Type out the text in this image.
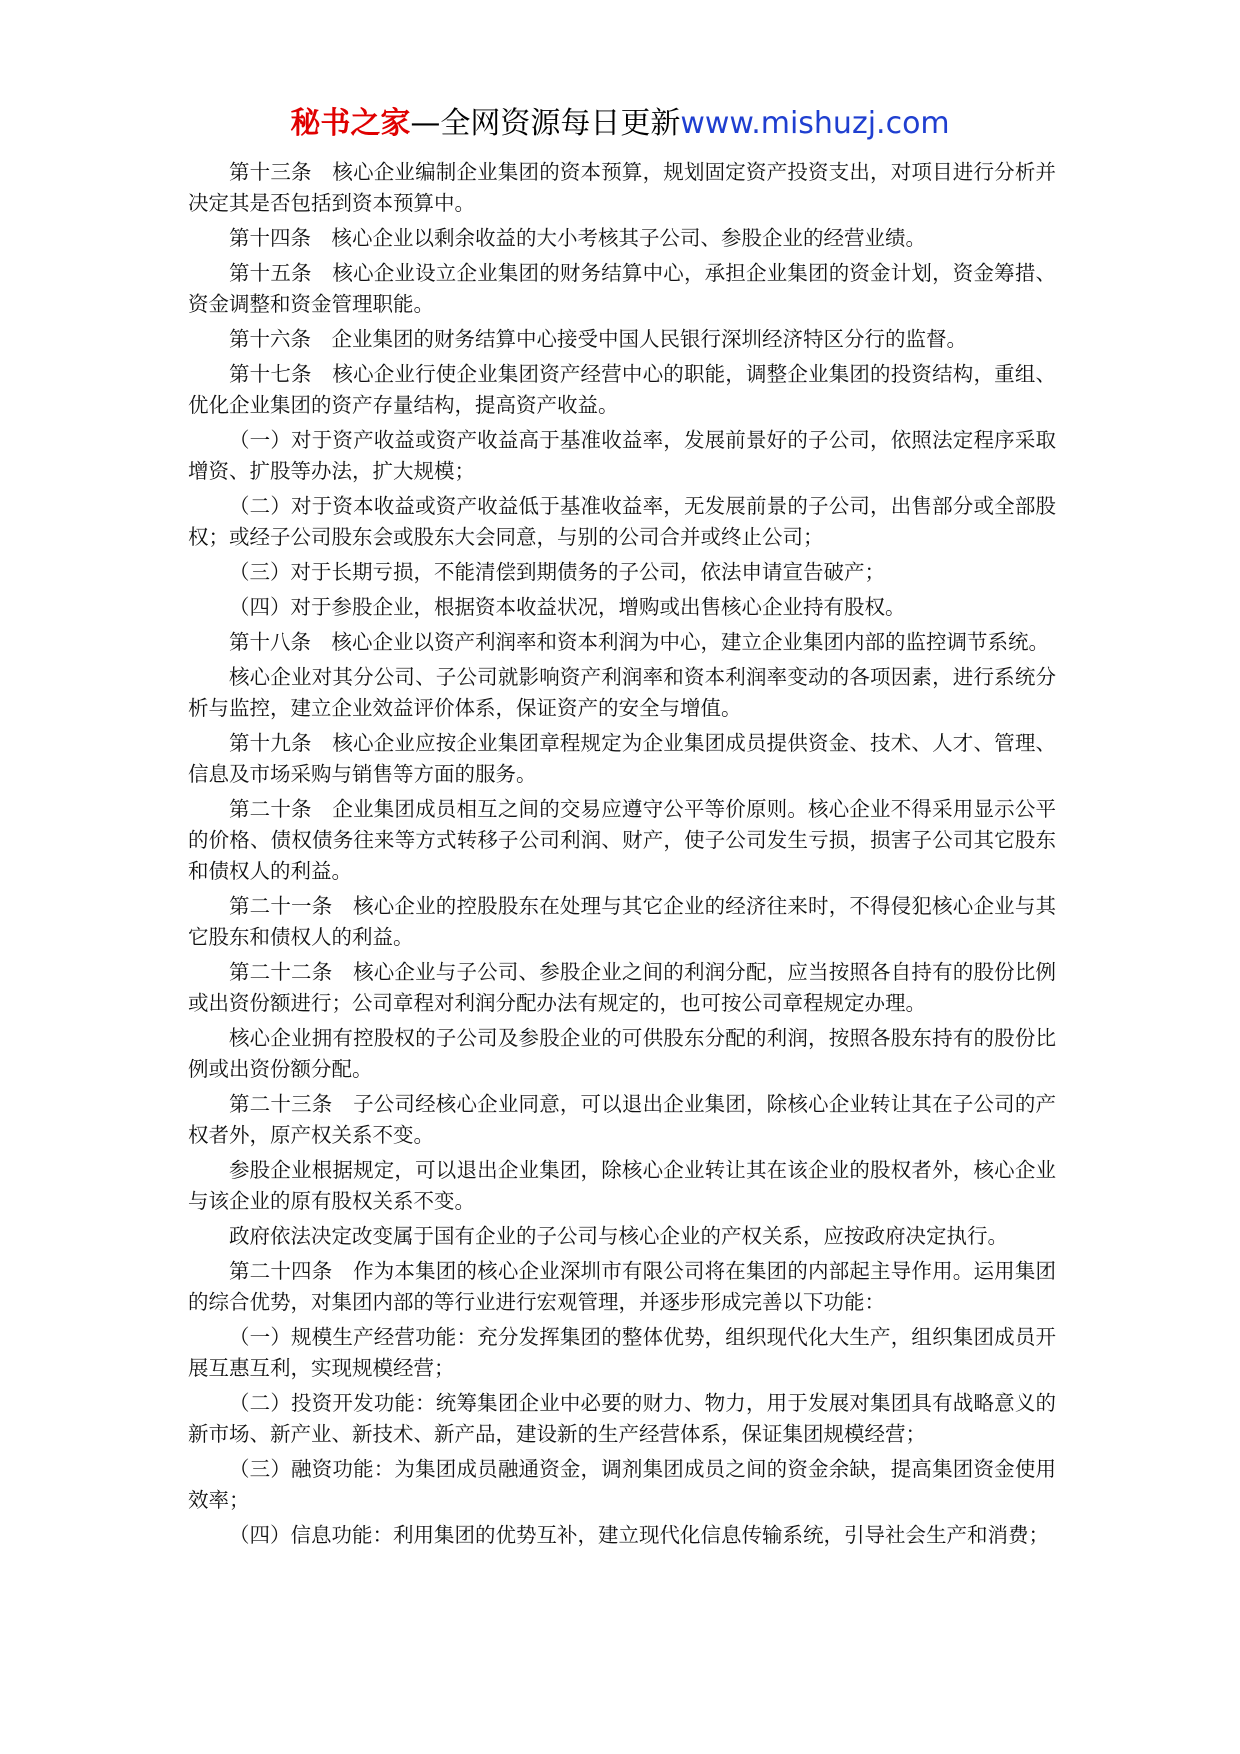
秘书之家—全网资源每日更新www.mishuzj.com

第十三条　核心企业编制企业集团的资本预算，规划固定资产投资支出，对项目进行分析并决定其是否包括到资本预算中。

第十四条　核心企业以剩余收益的大小考核其子公司、参股企业的经营业绩。

第十五条　核心企业设立企业集团的财务结算中心，承担企业集团的资金计划，资金筹措、资金调整和资金管理职能。

第十六条　企业集团的财务结算中心接受中国人民银行深圳经济特区分行的监督。

第十七条　核心企业行使企业集团资产经营中心的职能，调整企业集团的投资结构，重组、优化企业集团的资产存量结构，提高资产收益。

（一）对于资产收益或资产收益高于基准收益率，发展前景好的子公司，依照法定程序采取增资、扩股等办法，扩大规模；

（二）对于资本收益或资产收益低于基准收益率，无发展前景的子公司，出售部分或全部股权；或经子公司股东会或股东大会同意，与别的公司合并或终止公司；

（三）对于长期亏损，不能清偿到期债务的子公司，依法申请宣告破产；

（四）对于参股企业，根据资本收益状况，增购或出售核心企业持有股权。

第十八条　核心企业以资产利润率和资本利润为中心，建立企业集团内部的监控调节系统。

核心企业对其分公司、子公司就影响资产利润率和资本利润率变动的各项因素，进行系统分析与监控，建立企业效益评价体系，保证资产的安全与增值。

第十九条　核心企业应按企业集团章程规定为企业集团成员提供资金、技术、人才、管理、信息及市场采购与销售等方面的服务。

第二十条　企业集团成员相互之间的交易应遵守公平等价原则。核心企业不得采用显示公平的价格、债权债务往来等方式转移子公司利润、财产，使子公司发生亏损，损害子公司其它股东和债权人的利益。

第二十一条　核心企业的控股股东在处理与其它企业的经济往来时，不得侵犯核心企业与其它股东和债权人的利益。

第二十二条　核心企业与子公司、参股企业之间的利润分配，应当按照各自持有的股份比例或出资份额进行；公司章程对利润分配办法有规定的，也可按公司章程规定办理。

核心企业拥有控股权的子公司及参股企业的可供股东分配的利润，按照各股东持有的股份比例或出资份额分配。

第二十三条　子公司经核心企业同意，可以退出企业集团，除核心企业转让其在子公司的产权者外，原产权关系不变。

参股企业根据规定，可以退出企业集团，除核心企业转让其在该企业的股权者外，核心企业与该企业的原有股权关系不变。

政府依法决定改变属于国有企业的子公司与核心企业的产权关系，应按政府决定执行。

第二十四条　作为本集团的核心企业深圳市有限公司将在集团的内部起主导作用。运用集团的综合优势，对集团内部的等行业进行宏观管理，并逐步形成完善以下功能：

（一）规模生产经营功能：充分发挥集团的整体优势，组织现代化大生产，组织集团成员开展互惠互利，实现规模经营；

（二）投资开发功能：统筹集团企业中必要的财力、物力，用于发展对集团具有战略意义的新市场、新产业、新技术、新产品，建设新的生产经营体系，保证集团规模经营；

（三）融资功能：为集团成员融通资金，调剂集团成员之间的资金余缺，提高集团资金使用效率；

（四）信息功能：利用集团的优势互补，建立现代化信息传输系统，引导社会生产和消费；
